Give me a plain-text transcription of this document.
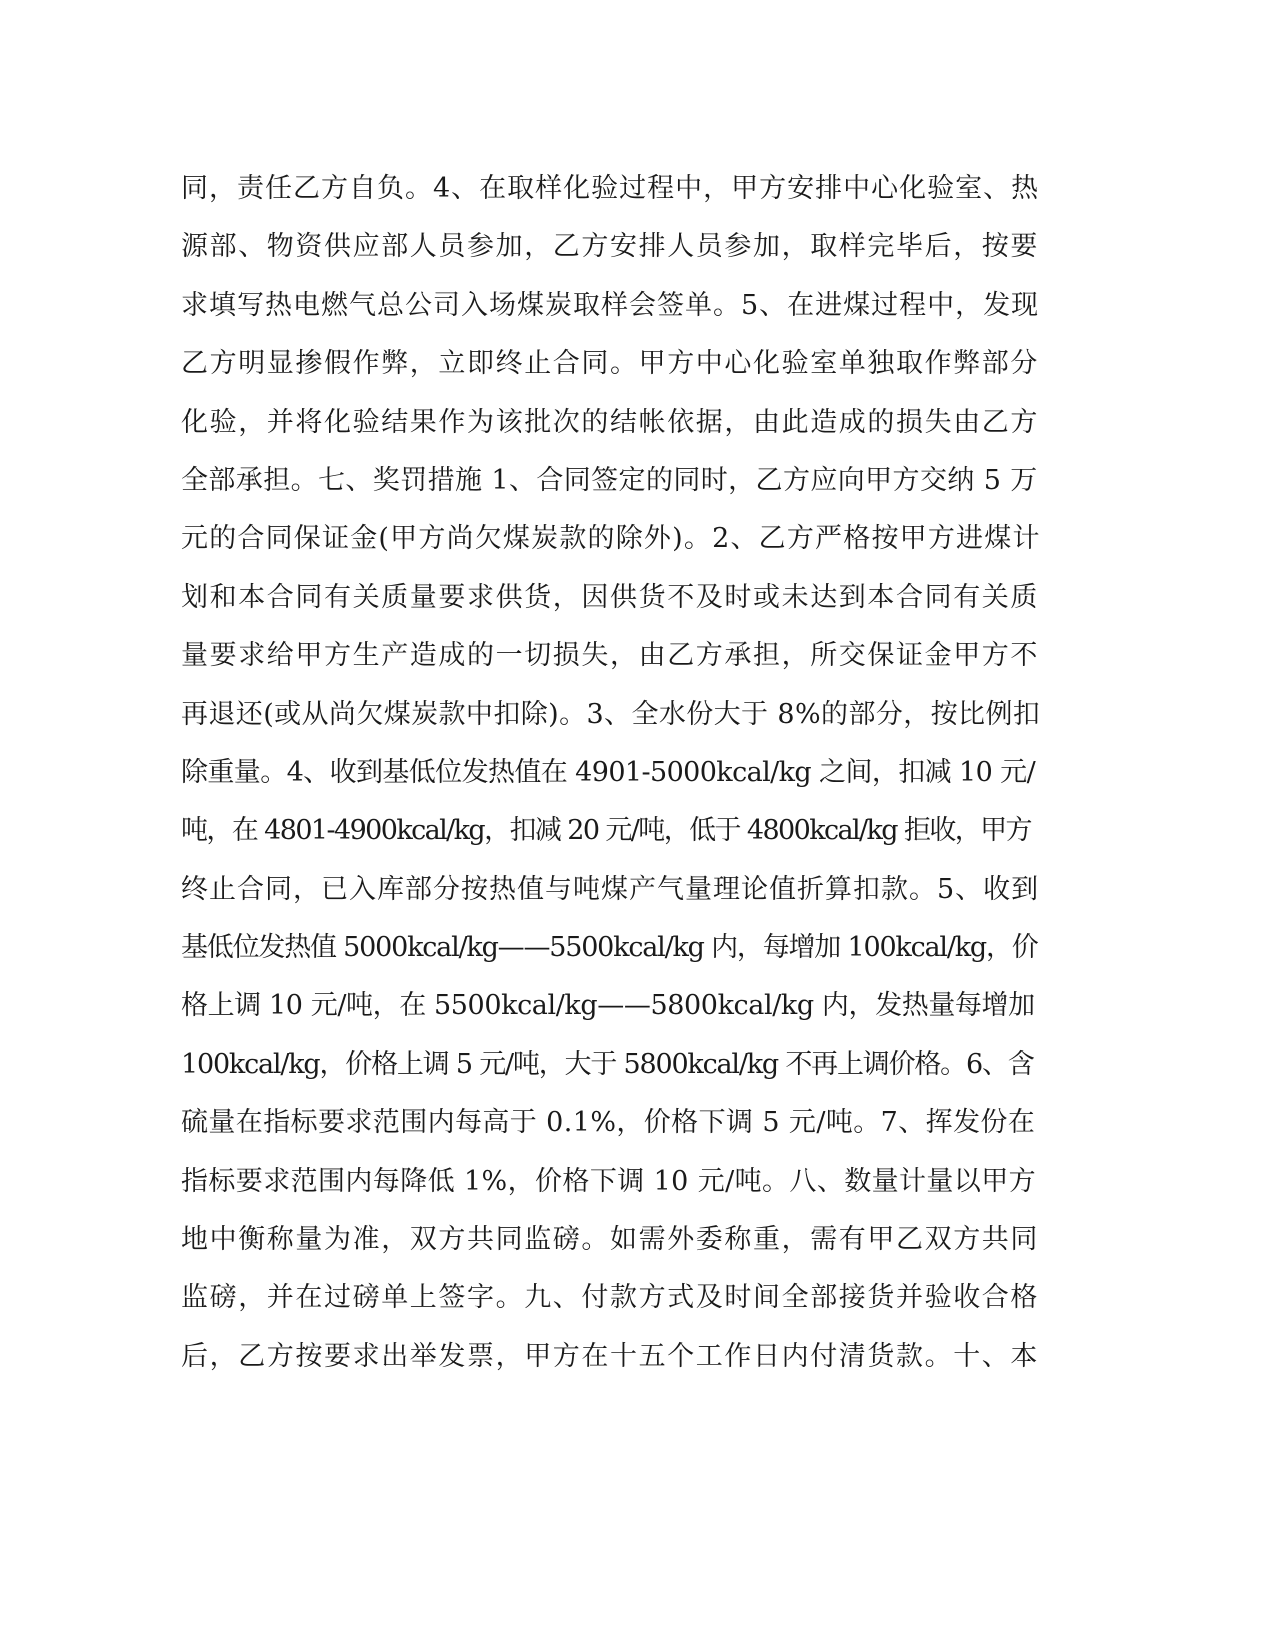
同，责任乙方自负。4、在取样化验过程中，甲方安排中心化验室、热
源部、物资供应部人员参加，乙方安排人员参加，取样完毕后，按要
求填写热电燃气总公司入场煤炭取样会签单。5、在进煤过程中，发现
乙方明显掺假作弊，立即终止合同。甲方中心化验室单独取作弊部分
化验，并将化验结果作为该批次的结帐依据，由此造成的损失由乙方
全部承担。七、奖罚措施 1、合同签定的同时，乙方应向甲方交纳 5 万
元的合同保证金(甲方尚欠煤炭款的除外)。2、乙方严格按甲方进煤计
划和本合同有关质量要求供货，因供货不及时或未达到本合同有关质
量要求给甲方生产造成的一切损失，由乙方承担，所交保证金甲方不
再退还(或从尚欠煤炭款中扣除)。3、全水份大于 8%的部分，按比例扣
除重量。4、收到基低位发热值在 4901-5000kcal/kg 之间，扣减 10 元/
吨，在 4801-4900kcal/kg，扣减 20 元/吨，低于 4800kcal/kg 拒收，甲方
终止合同，已入库部分按热值与吨煤产气量理论值折算扣款。5、收到
基低位发热值 5000kcal/kg——5500kcal/kg 内，每增加 100kcal/kg，价
格上调 10 元/吨，在 5500kcal/kg——5800kcal/kg 内，发热量每增加
100kcal/kg，价格上调 5 元/吨，大于 5800kcal/kg 不再上调价格。6、含
硫量在指标要求范围内每高于 0.1%，价格下调 5 元/吨。7、挥发份在
指标要求范围内每降低 1%，价格下调 10 元/吨。八、数量计量以甲方
地中衡称量为准，双方共同监磅。如需外委称重，需有甲乙双方共同
监磅，并在过磅单上签字。九、付款方式及时间全部接货并验收合格
后，乙方按要求出举发票，甲方在十五个工作日内付清货款。十、本
